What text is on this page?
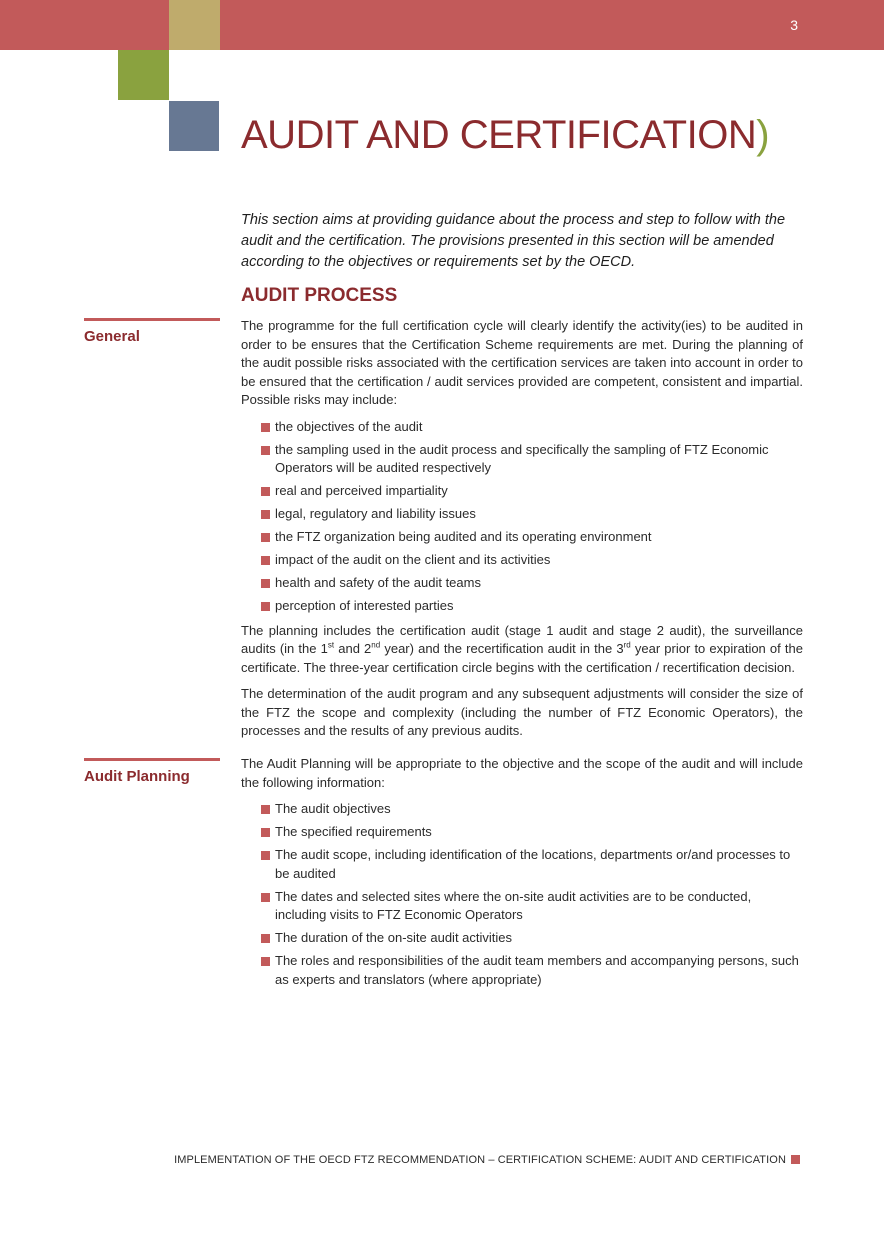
3
AUDIT AND CERTIFICATION)

This section aims at providing guidance about the process and step to follow with the audit and the certification. The provisions presented in this section will be amended according to the objectives or requirements set by the OECD.

AUDIT PROCESS
General

The programme for the full certification cycle will clearly identify the activity(ies) to be audited in order to be ensures that the Certification Scheme requirements are met. During the planning of the audit possible risks associated with the certification services are taken into account in order to be ensured that the certification / audit services provided are competent, consistent and impartial. Possible risks may include:

the objectives of the audit
the sampling used in the audit process and specifically the sampling of FTZ Economic Operators will be audited respectively
real and perceived impartiality
legal, regulatory and liability issues
the FTZ organization being audited and its operating environment
impact of the audit on the client and its activities
health and safety of the audit teams
perception of interested parties

The planning includes the certification audit (stage 1 audit and stage 2 audit), the surveillance audits (in the 1st and 2nd year) and the recertification audit in the 3rd year prior to expiration of the certificate. The three-year certification circle begins with the certification / recertification decision.

The determination of the audit program and any subsequent adjustments will consider the size of the FTZ the scope and complexity (including the number of FTZ Economic Operators), the processes and the results of any previous audits.

Audit Planning

The Audit Planning will be appropriate to the objective and the scope of the audit and will include the following information:

The audit objectives
The specified requirements
The audit scope, including identification of the locations, departments or/and processes to be audited
The dates and selected sites where the on-site audit activities are to be conducted, including visits to FTZ Economic Operators
The duration of the on-site audit activities
The roles and responsibilities of the audit team members and accompanying persons, such as experts and translators (where appropriate)
IMPLEMENTATION OF THE OECD FTZ RECOMMENDATION – CERTIFICATION SCHEME: AUDIT AND CERTIFICATION
